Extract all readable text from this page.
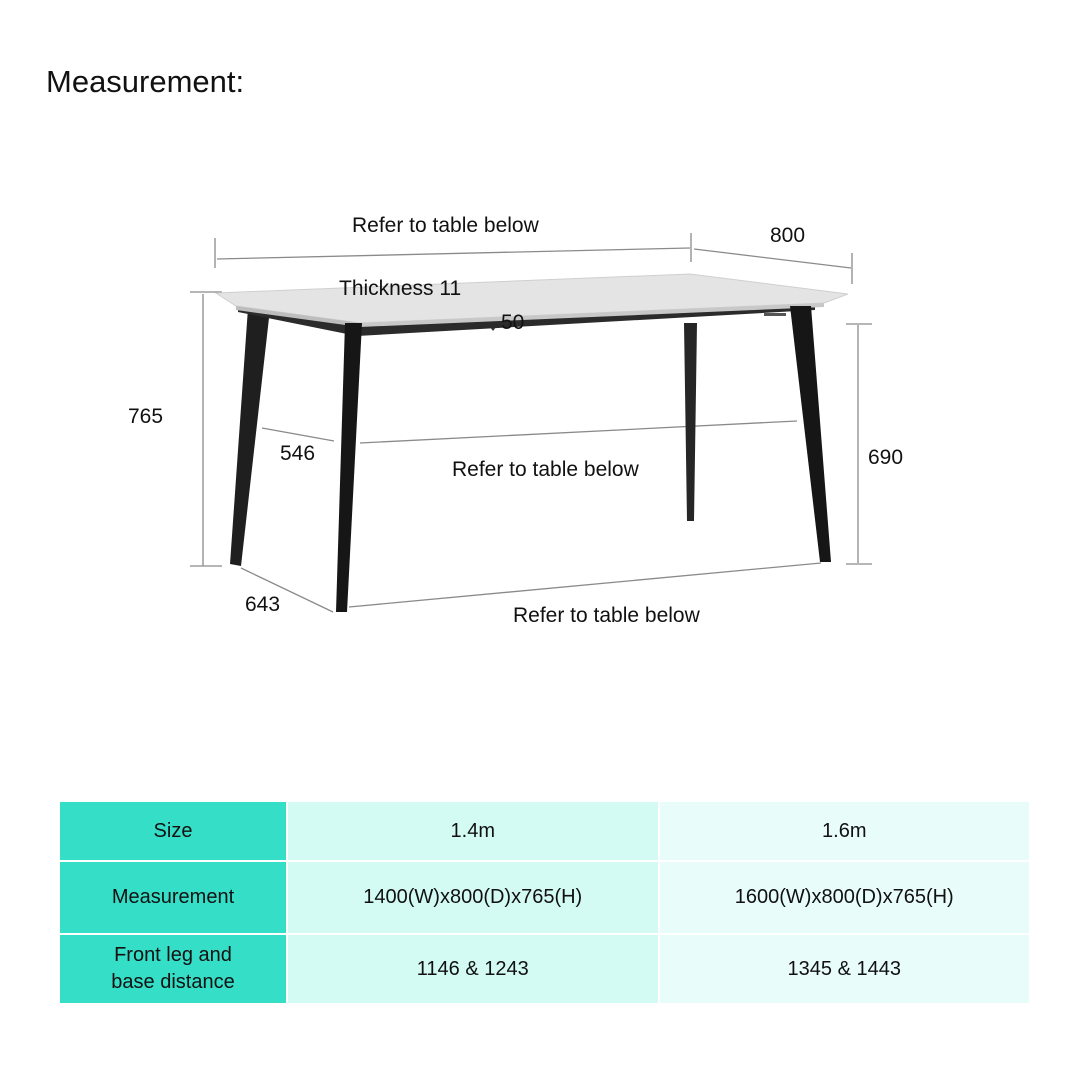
Measurement:
Refer to table below	800
Thickness 11
50
765
690
546
Refer to table below
643	Refer to table below
Size	1.4m	1.6m
Measurement	1400(W)x800(D)x765(H)	1600(W)x800(D)x765(H)
Front leg and
base distance	1146 & 1243	1345 & 1443
